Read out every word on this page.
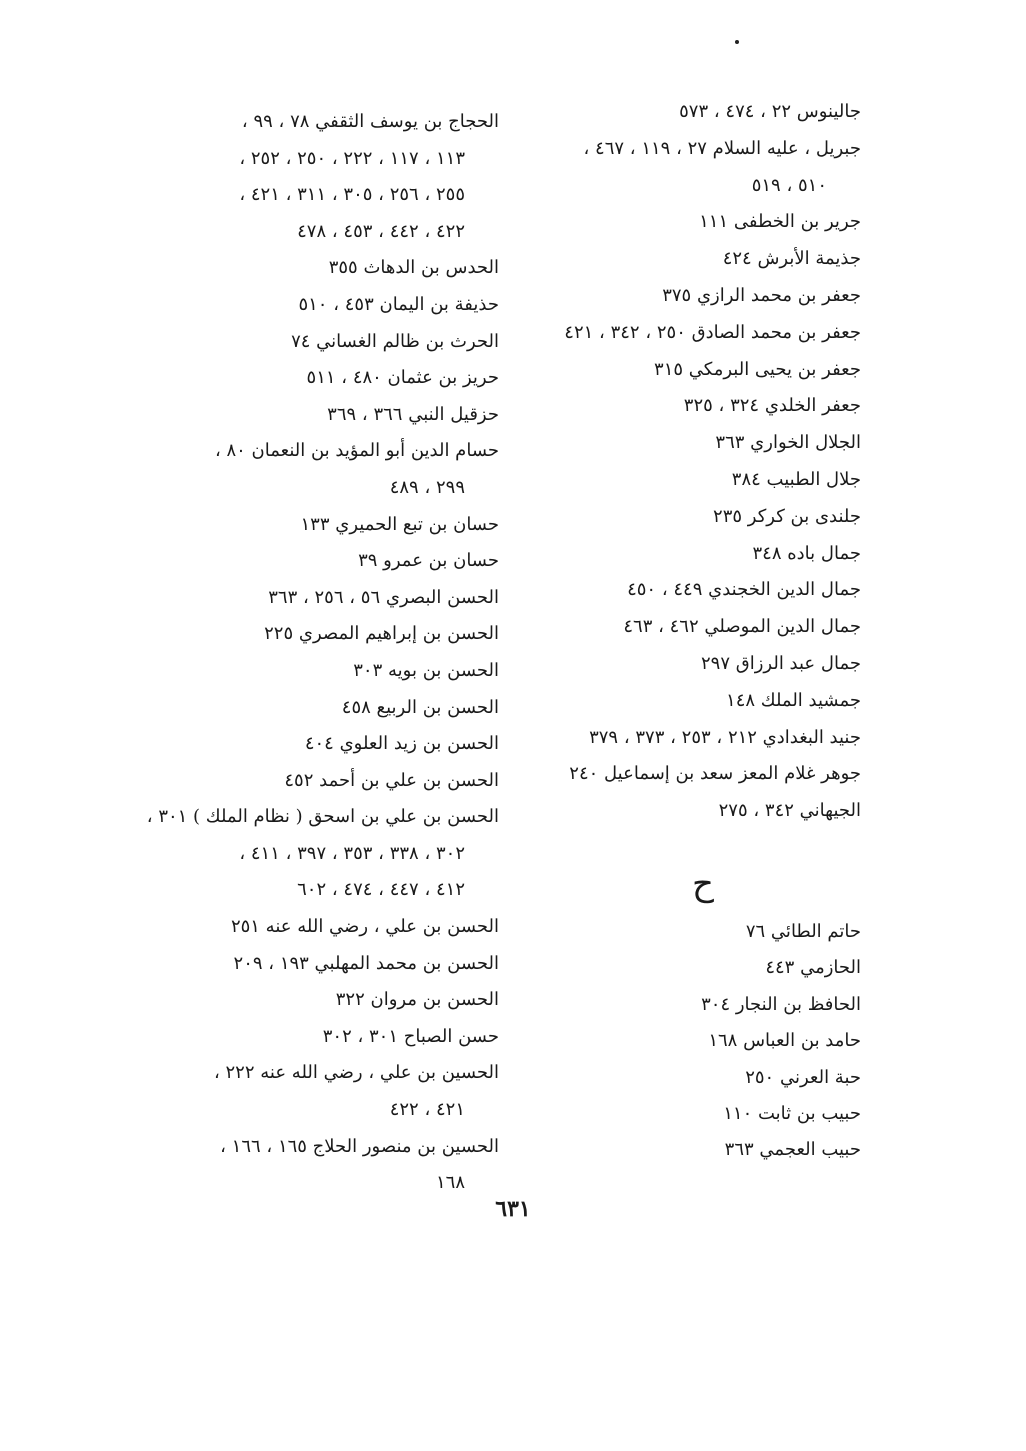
جالينوس ٢٢ ، ٤٧٤ ، ٥٧٣
جبريل ، عليه السلام ٢٧ ، ١١٩ ، ٤٦٧ ،
٥١٠ ، ٥١٩
جرير بن الخطفى ١١١
جذيمة الأبرش ٤٢٤
جعفر بن محمد الرازي ٣٧٥
جعفر بن محمد الصادق ٢٥٠ ، ٣٤٢ ، ٤٢١
جعفر بن يحيى البرمكي ٣١٥
جعفر الخلدي ٣٢٤ ، ٣٢٥
الجلال الخواري ٣٦٣
جلال الطبيب ٣٨٤
جلندى بن كركر ٢٣٥
جمال باده ٣٤٨
جمال الدين الخجندي ٤٤٩ ، ٤٥٠
جمال الدين الموصلي ٤٦٢ ، ٤٦٣
جمال عبد الرزاق ٢٩٧
جمشيد الملك ١٤٨
جنيد البغدادي ٢١٢ ، ٢٥٣ ، ٣٧٣ ، ٣٧٩
جوهر غلام المعز سعد بن إسماعيل ٢٤٠
الجيهاني ٣٤٢ ، ٢٧٥
ح
حاتم الطائي ٧٦
الحازمي ٤٤٣
الحافظ بن النجار ٣٠٤
حامد بن العباس ١٦٨
حبة العرني ٢٥٠
حبيب بن ثابت ١١٠
حبيب العجمي ٣٦٣
الحجاج بن يوسف الثقفي ٧٨ ، ٩٩ ،
١١٣ ، ١١٧ ، ٢٢٢ ، ٢٥٠ ، ٢٥٢ ،
٢٥٥ ، ٢٥٦ ، ٣٠٥ ، ٣١١ ، ٤٢١ ،
٤٢٢ ، ٤٤٢ ، ٤٥٣ ، ٤٧٨
الحدس بن الدهاث ٣٥٥
حذيفة بن اليمان ٤٥٣ ، ٥١٠
الحرث بن ظالم الغساني ٧٤
حريز بن عثمان ٤٨٠ ، ٥١١
حزقيل النبي ٣٦٦ ، ٣٦٩
حسام الدين أبو المؤيد بن النعمان ٨٠ ،
٢٩٩ ، ٤٨٩
حسان بن تبع الحميري ١٣٣
حسان بن عمرو ٣٩
الحسن البصري ٥٦ ، ٢٥٦ ، ٣٦٣
الحسن بن إبراهيم المصري ٢٢٥
الحسن بن بويه ٣٠٣
الحسن بن الربيع ٤٥٨
الحسن بن زيد العلوي ٤٠٤
الحسن بن علي بن أحمد ٤٥٢
الحسن بن علي بن اسحق ( نظام الملك ) ٣٠١ ،
٣٠٢ ، ٣٣٨ ، ٣٥٣ ، ٣٩٧ ، ٤١١ ،
٤١٢ ، ٤٤٧ ، ٤٧٤ ، ٦٠٢
الحسن بن علي ، رضي الله عنه ٢٥١
الحسن بن محمد المهلبي ١٩٣ ، ٢٠٩
الحسن بن مروان ٣٢٢
حسن الصباح ٣٠١ ، ٣٠٢
الحسين بن علي ، رضي الله عنه ٢٢٢ ،
٤٢١ ، ٤٢٢
الحسين بن منصور الحلاج ١٦٥ ، ١٦٦ ،
١٦٨
٦٣١
